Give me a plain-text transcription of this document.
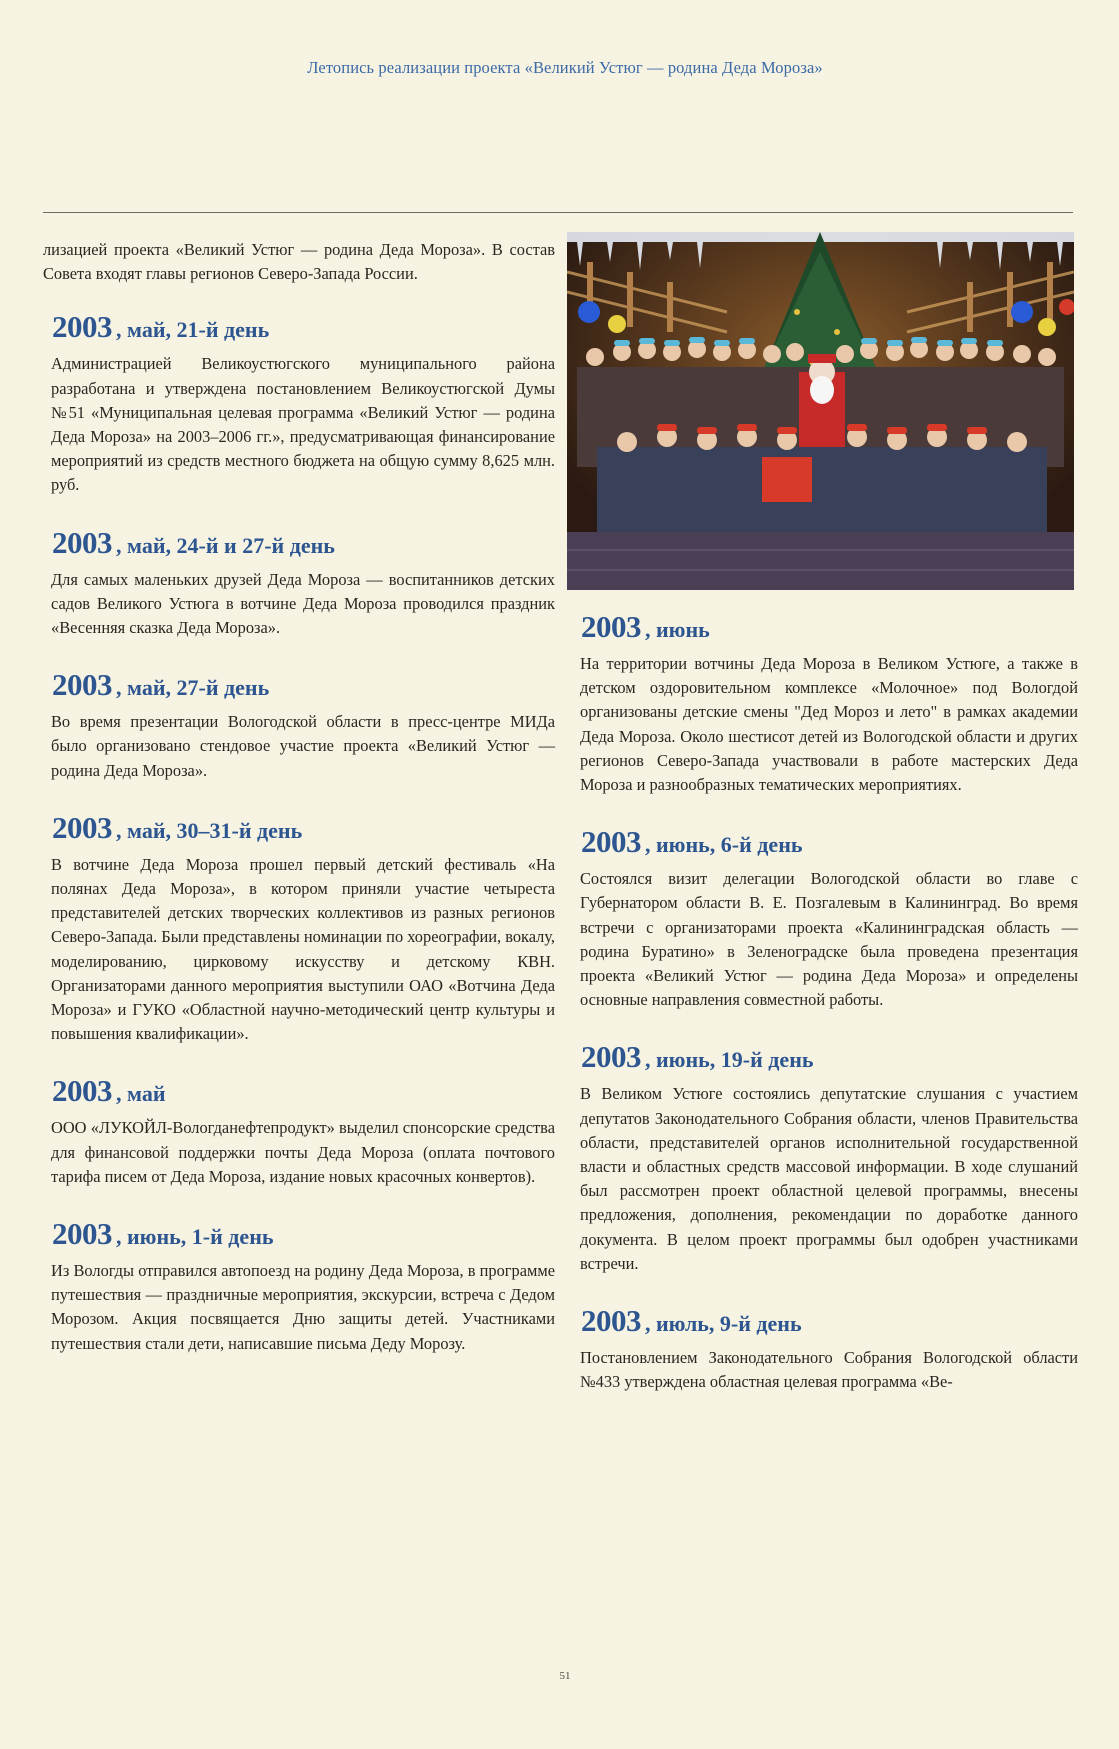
Летопись реализации проекта «Великий Устюг — родина Деда Мороза»

лизацией проекта «Великий Устюг — родина Деда Мороза». В состав Совета входят главы регионов Северо-Запада России.

2003 , май, 21-й день

Администрацией Великоустюгского муниципального района разработана и утверждена постановлением Великоустюгской Думы №51 «Муниципальная целевая программа «Великий Устюг — родина Деда Мороза» на 2003–2006 гг.», предусматривающая финансирование мероприятий из средств местного бюджета на общую сумму 8,625 млн. руб.

2003 , май, 24-й и 27-й день

Для самых маленьких друзей Деда Мороза — воспитанников детских садов Великого Устюга в вотчине Деда Мороза проводился праздник «Весенняя сказка Деда Мороза».

2003 , май, 27-й день

Во время презентации Вологодской области в пресс-центре МИДа было организовано стендовое участие проекта «Великий Устюг — родина Деда Мороза».

2003 , май, 30–31-й день

В вотчине Деда Мороза прошел первый детский фестиваль «На полянах Деда Мороза», в котором приняли участие четыреста представителей детских творческих коллективов из разных регионов Северо-Запада. Были представлены номинации по хореографии, вокалу, моделированию, цирковому искусству и детскому КВН. Организаторами данного мероприятия выступили ОАО «Вотчина Деда Мороза» и ГУКО «Областной научно-методический центр культуры и повышения квалификации».

2003 , май

ООО «ЛУКОЙЛ-Вологданефтепродукт» выделил спонсорские средства для финансовой поддержки почты Деда Мороза (оплата почтового тарифа писем от Деда Мороза, издание новых красочных конвертов).

2003 , июнь, 1-й день

Из Вологды отправился автопоезд на родину Деда Мороза, в программе путешествия — праздничные мероприятия, экскурсии, встреча с Дедом Морозом. Акция посвящается Дню защиты детей. Участниками путешествия стали дети, написавшие письма Деду Морозу.

2003 , июнь

На территории вотчины Деда Мороза в Великом Устюге, а также в детском оздоровительном комплексе «Молочное» под Вологдой организованы детские смены "Дед Мороз и лето" в рамках академии Деда Мороза. Около шестисот детей из Вологодской области и других регионов Северо-Запада участвовали в работе мастерских Деда Мороза и разнообразных тематических мероприятиях.

2003 , июнь, 6-й день

Состоялся визит делегации Вологодской области во главе с Губернатором области В. Е. Позгалевым в Калининград. Во время встречи с организаторами проекта «Калининградская область — родина Буратино» в Зеленоградске была проведена презентация проекта «Великий Устюг — родина Деда Мороза» и определены основные направления совместной работы.

2003 , июнь, 19-й день

В Великом Устюге состоялись депутатские слушания с участием депутатов Законодательного Собрания области, членов Правительства области, представителей органов исполнительной государственной власти и областных средств массовой информации. В ходе слушаний был рассмотрен проект областной целевой программы, внесены предложения, дополнения, рекомендации по доработке данного документа. В целом проект программы был одобрен участниками встречи.

2003 , июль, 9-й день

Постановлением Законодательного Собрания Вологодской области №433 утверждена областная целевая программа «Ве-

51
